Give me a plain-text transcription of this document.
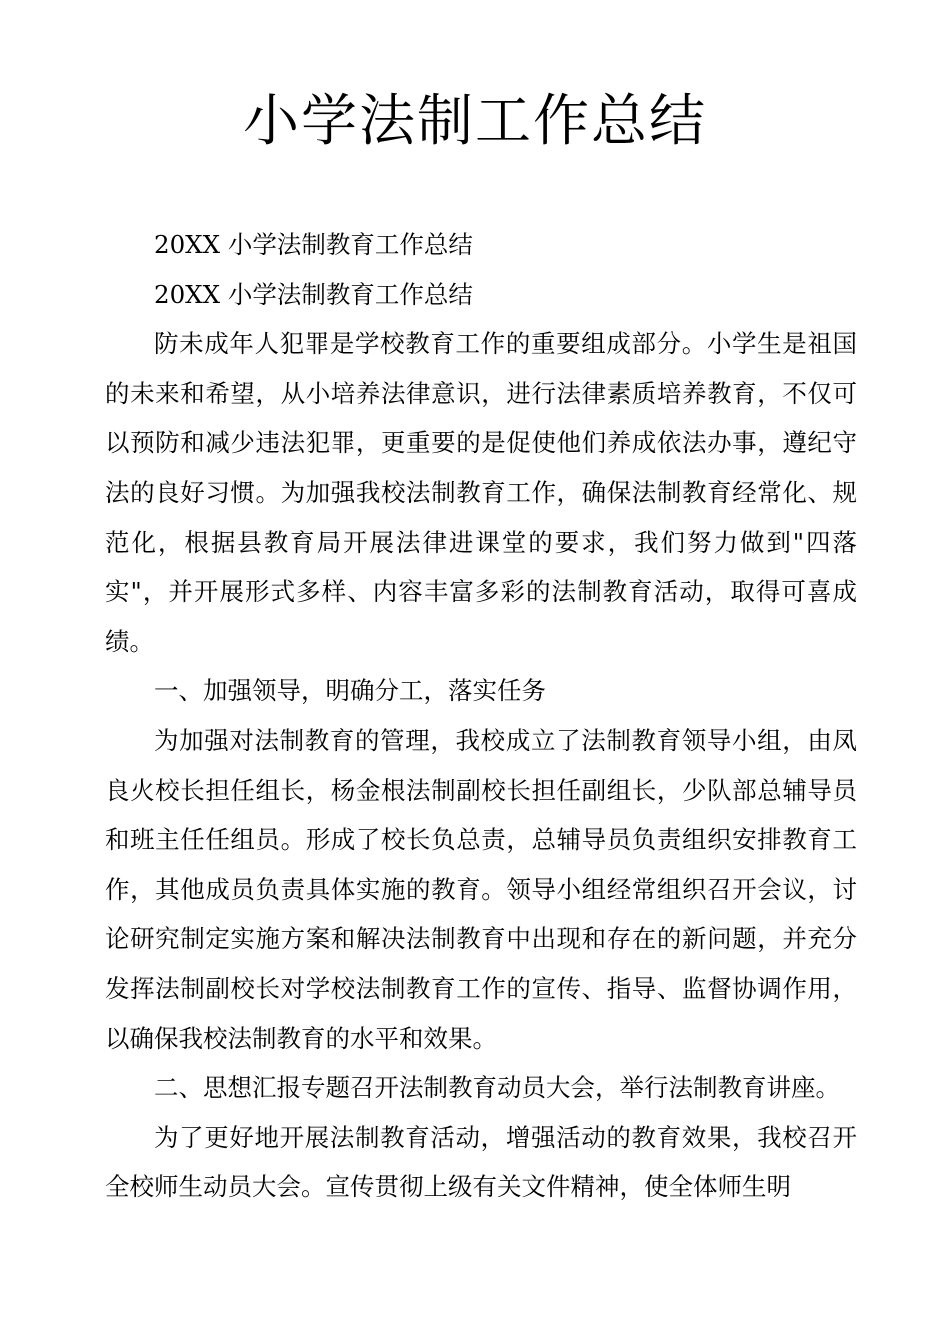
小学法制工作总结

20XX 小学法制教育工作总结

20XX 小学法制教育工作总结

防未成年人犯罪是学校教育工作的重要组成部分。小学生是祖国的未来和希望，从小培养法律意识，进行法律素质培养教育，不仅可以预防和减少违法犯罪，更重要的是促使他们养成依法办事，遵纪守法的良好习惯。为加强我校法制教育工作，确保法制教育经常化、规范化，根据县教育局开展法律进课堂的要求，我们努力做到"四落实"，并开展形式多样、内容丰富多彩的法制教育活动，取得可喜成绩。

一、加强领导，明确分工，落实任务

为加强对法制教育的管理，我校成立了法制教育领导小组，由凤良火校长担任组长，杨金根法制副校长担任副组长，少队部总辅导员和班主任任组员。形成了校长负总责，总辅导员负责组织安排教育工作，其他成员负责具体实施的教育。领导小组经常组织召开会议，讨论研究制定实施方案和解决法制教育中出现和存在的新问题，并充分发挥法制副校长对学校法制教育工作的宣传、指导、监督协调作用，以确保我校法制教育的水平和效果。

二、思想汇报专题召开法制教育动员大会，举行法制教育讲座。

为了更好地开展法制教育活动，增强活动的教育效果，我校召开全校师生动员大会。宣传贯彻上级有关文件精神，使全体师生明
